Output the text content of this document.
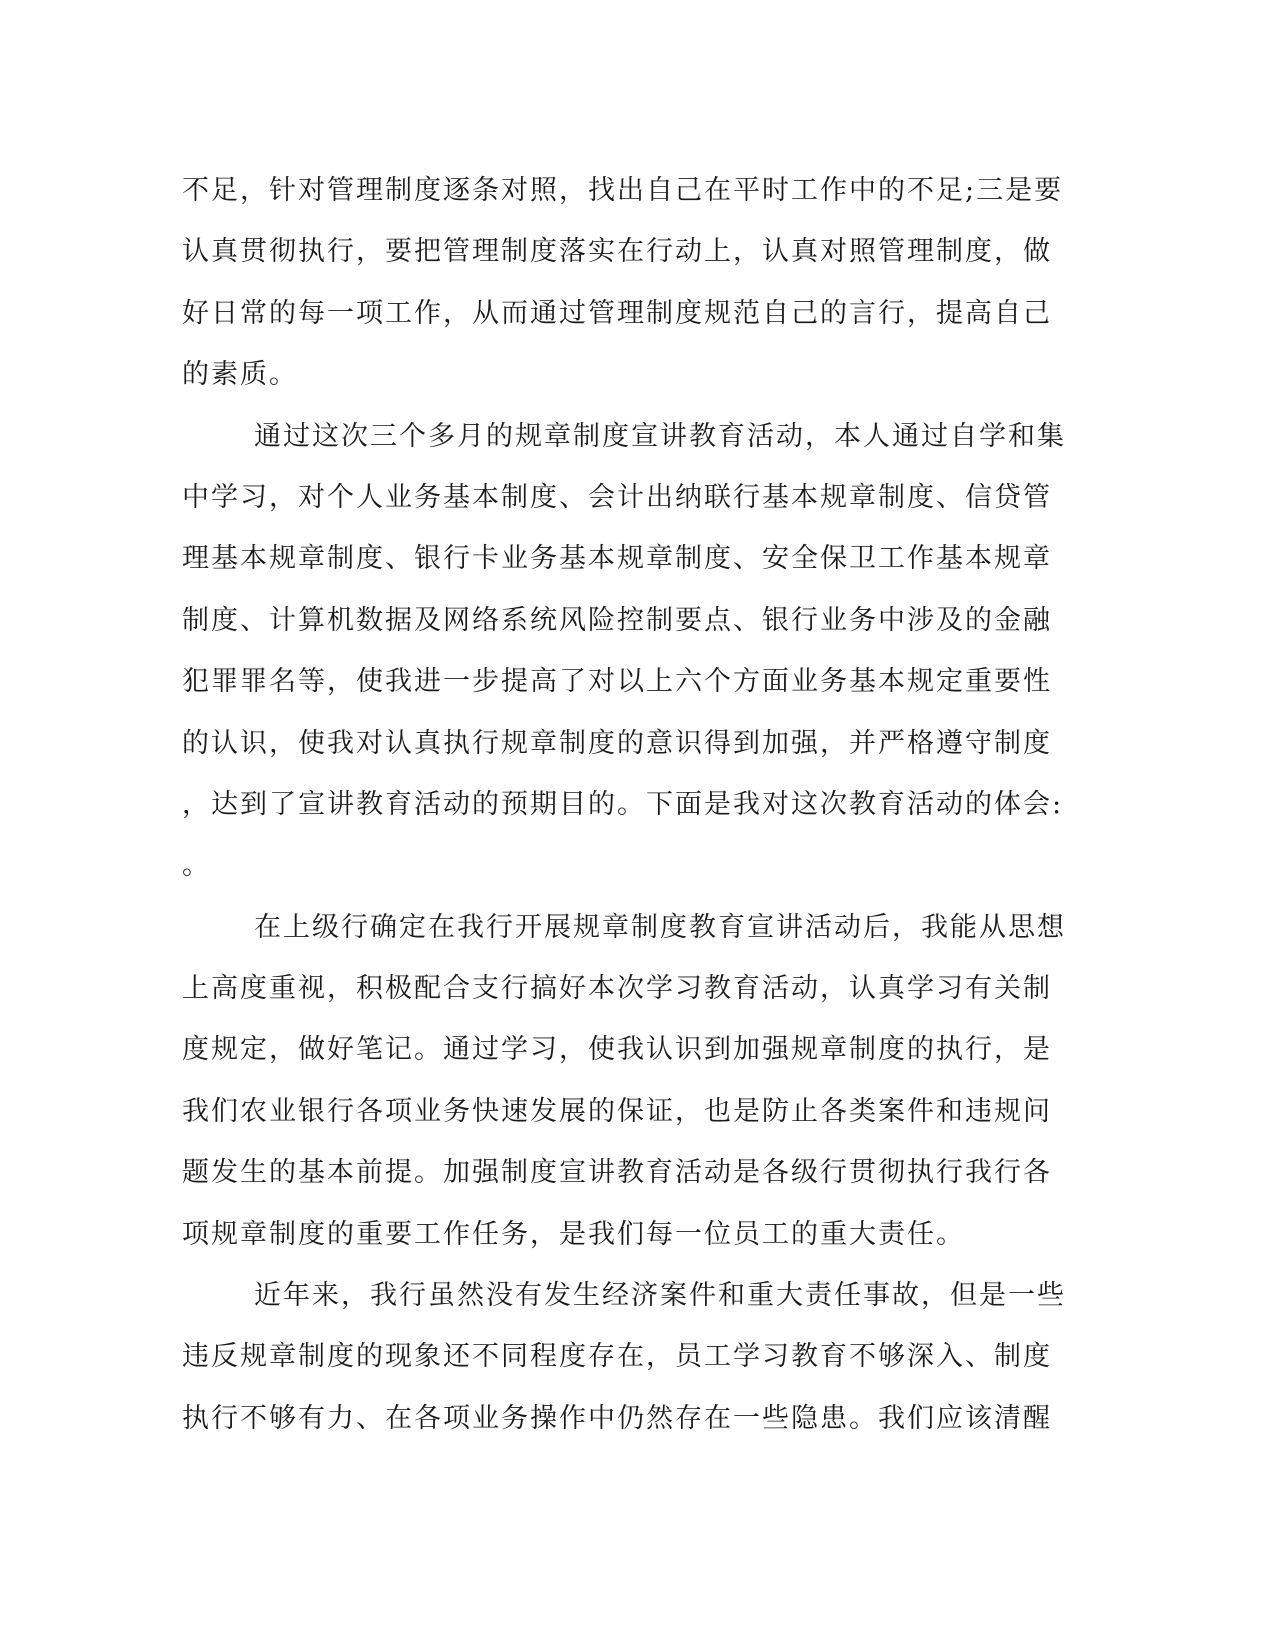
不足，针对管理制度逐条对照，找出自己在平时工作中的不足;三是要
认真贯彻执行，要把管理制度落实在行动上，认真对照管理制度，做
好日常的每一项工作，从而通过管理制度规范自己的言行，提高自己
的素质。
通过这次三个多月的规章制度宣讲教育活动，本人通过自学和集
中学习，对个人业务基本制度、会计出纳联行基本规章制度、信贷管
理基本规章制度、银行卡业务基本规章制度、安全保卫工作基本规章
制度、计算机数据及网络系统风险控制要点、银行业务中涉及的金融
犯罪罪名等，使我进一步提高了对以上六个方面业务基本规定重要性
的认识，使我对认真执行规章制度的意识得到加强，并严格遵守制度
，达到了宣讲教育活动的预期目的。下面是我对这次教育活动的体会:
。
在上级行确定在我行开展规章制度教育宣讲活动后，我能从思想
上高度重视，积极配合支行搞好本次学习教育活动，认真学习有关制
度规定，做好笔记。通过学习，使我认识到加强规章制度的执行，是
我们农业银行各项业务快速发展的保证，也是防止各类案件和违规问
题发生的基本前提。加强制度宣讲教育活动是各级行贯彻执行我行各
项规章制度的重要工作任务，是我们每一位员工的重大责任。
近年来，我行虽然没有发生经济案件和重大责任事故，但是一些
违反规章制度的现象还不同程度存在，员工学习教育不够深入、制度
执行不够有力、在各项业务操作中仍然存在一些隐患。我们应该清醒
